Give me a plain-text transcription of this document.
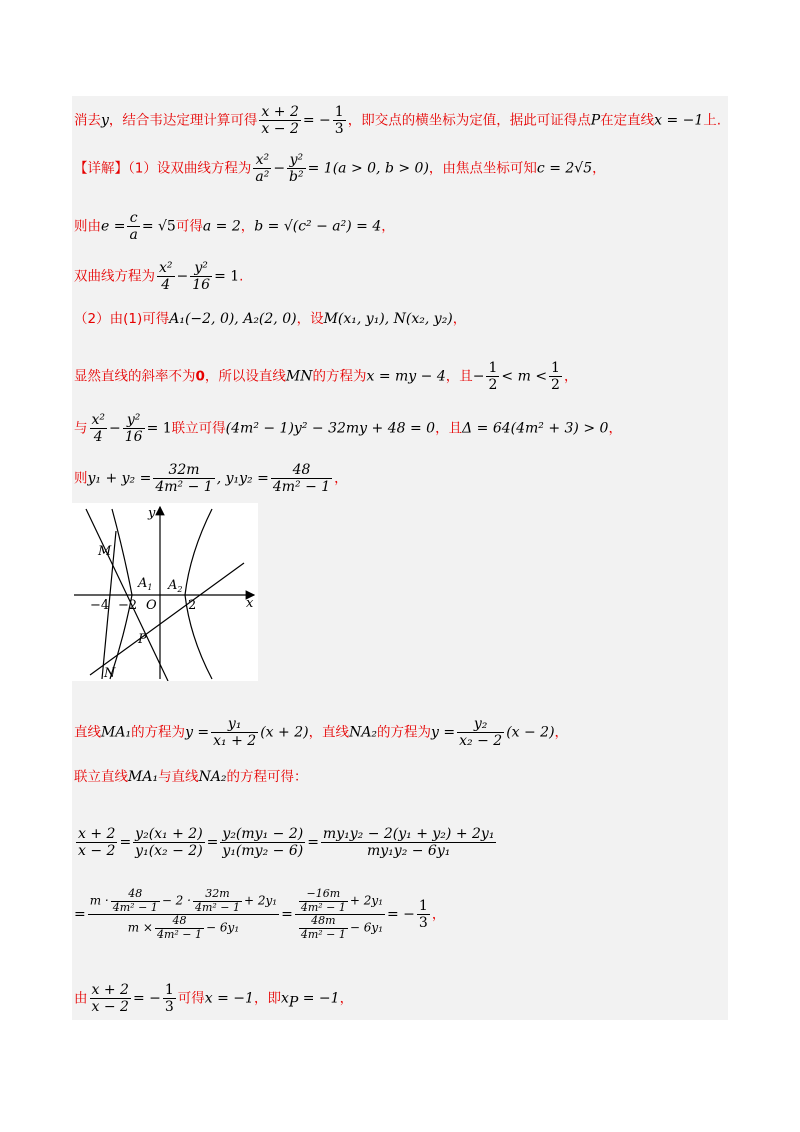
消去y，结合韦达定理计算可得 $\frac{x + 2}{x - 2}$ = − $\frac{1}{3}$ ，即交点的横坐标为定值，据此可证得点P在定直线x = −1上.
【详解】（1）设双曲线方程为 $\frac{\text{x²}}{\text{a²}} - \frac{\text{y²}}{\text{b²}} = 1(a > 0$, b > 0)，由焦点坐标可知c = 2√5，
则由$e = \frac{c}{a} = √5$可得a = 2，b = √(c² − a²) = 4，
双曲线方程为 $\frac{\text{x²}}{4} - \frac{\text{y²}}{16} = 1$.
（2）由(1)可得A₁(−2, 0), A₂(2, 0)，设M(x₁, y₁), N(x₂, y₂)，
显然直线的斜率不为0，所以设直线MN的方程为x = my − 4，且− $\frac{1}{2} < m < \frac{1}{2}$ ，
与 $\frac{\text{x²}}{4} - \frac{\text{y²}}{16} = 1$联立可得(4m² − 1)y² − 32my + 48 = 0，且Δ = 64(4m² + 3) > 0，
则$y_1 + y_2 = \frac{32m}{\text{4m² − 1}}$ , $y_1y_2 = \frac{48}{\text{4m² − 1}}$ ，
y
x
M
$A_1$ $A_2$
O
P
N
−4 −2	2
直线MA₁的方程为$y = \frac{\text{y₁}}{\text{x₁ + 2}} (x + 2)$，直线NA₂的方程为$y = \frac{\text{y₂}}{\text{x₂ − 2}} (x - 2)$，
联立直线MA₁与直线NA₂的方程可得：
$\frac{x + 2}{x - 2} = \frac{\text{y₂(x₁ + 2)}}{\text{y₁(x₂ − 2)}} = \frac{\text{y₂(my₁ − 2)}}{\text{y₁(my₂ − 6)}} = \frac{\text{my₁y₂ − 2(y₁ + y₂) + 2y₁}}{\text{my₁y₂ − 6y₁}}$
= $\frac{m \cdot \frac{48}{\text{4m² − 1}} - 2 \cdot \frac{32m}{\text{4m² − 1}} + 2y_1}{m \times \frac{48}{\text{4m² − 1}} - 6y_1} = \frac{\frac{-16m}{\text{4m² − 1}} + 2y_1}{\frac{48m}{\text{4m² − 1}} - 6y_1}$ = − $\frac{1}{3}$ ，
由 $\frac{x + 2}{x - 2}$ = − $\frac{1}{3}$ 可得x = −1，即$x_P = -1$，
